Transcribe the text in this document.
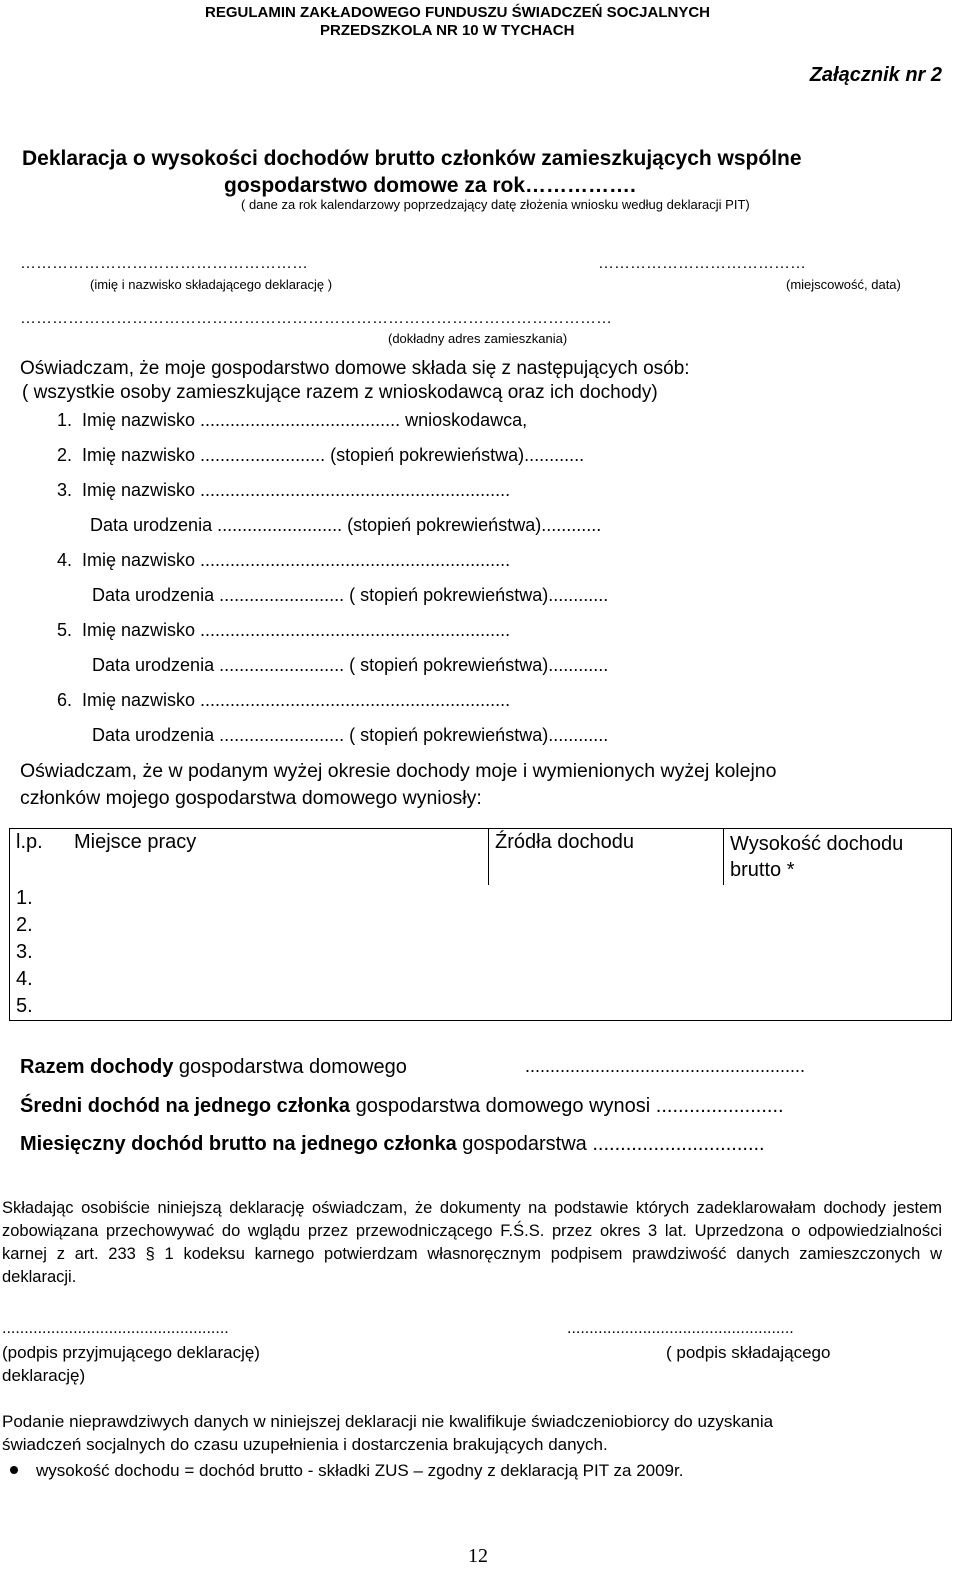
REGULAMIN ZAKŁADOWEGO FUNDUSZU ŚWIADCZEŃ SOCJALNYCH
PRZEDSZKOLA NR 10 W TYCHACH
Załącznik nr 2
Deklaracja o wysokości dochodów brutto członków zamieszkujących wspólne
gospodarstwo domowe za rok…………….
( dane za rok kalendarzowy poprzedzający datę złożenia wniosku według deklaracji PIT)
………………………………………………
(imię i nazwisko składającego deklarację )
…………………………………
(miejscowość, data)
…………………………………………………………………………………………………
(dokładny adres zamieszkania)
Oświadczam, że moje gospodarstwo domowe składa się z następujących osób:
( wszystkie osoby zamieszkujące razem z wnioskodawcą oraz ich dochody)
1. Imię nazwisko ........................................ wnioskodawca,
2. Imię nazwisko ......................... (stopień pokrewieństwa)............
3. Imię nazwisko ..............................................................
Data urodzenia ......................... (stopień pokrewieństwa)............
4. Imię nazwisko ..............................................................
Data urodzenia ......................... ( stopień pokrewieństwa)............
5. Imię nazwisko ..............................................................
Data urodzenia ......................... ( stopień pokrewieństwa)............
6. Imię nazwisko ..............................................................
Data urodzenia ......................... ( stopień pokrewieństwa)............
Oświadczam, że w podanym wyżej okresie dochody moje i wymienionych wyżej kolejno
członków mojego gospodarstwa domowego wyniosły:
l.p.	Miejsce pracy	Źródła dochodu	Wysokość dochodu brutto *
1.			
2.			
3.			
4.			
5.			
Razem dochody gospodarstwa domowego	........................................................
Średni dochód na jednego członka gospodarstwa domowego wynosi .......................
Miesięczny dochód brutto na jednego członka gospodarstwa ...............................
Składając osobiście niniejszą deklarację oświadczam, że dokumenty na podstawie których zadeklarowałam dochody jestem zobowiązana przechowywać do wglądu przez przewodniczącego F.Ś.S. przez okres 3 lat. Uprzedzona o odpowiedzialności karnej z art. 233 § 1 kodeksu karnego potwierdzam własnoręcznym podpisem prawdziwość danych zamieszczonych w deklaracji.
...................................................	...................................................
(podpis przyjmującego deklarację)	( podpis składającego
deklarację)
Podanie nieprawdziwych danych w niniejszej deklaracji nie kwalifikuje świadczeniobiorcy do uzyskania
świadczeń socjalnych do czasu uzupełnienia i dostarczenia brakujących danych.
wysokość dochodu = dochód brutto - składki ZUS – zgodny z deklaracją PIT za 2009r.
12
